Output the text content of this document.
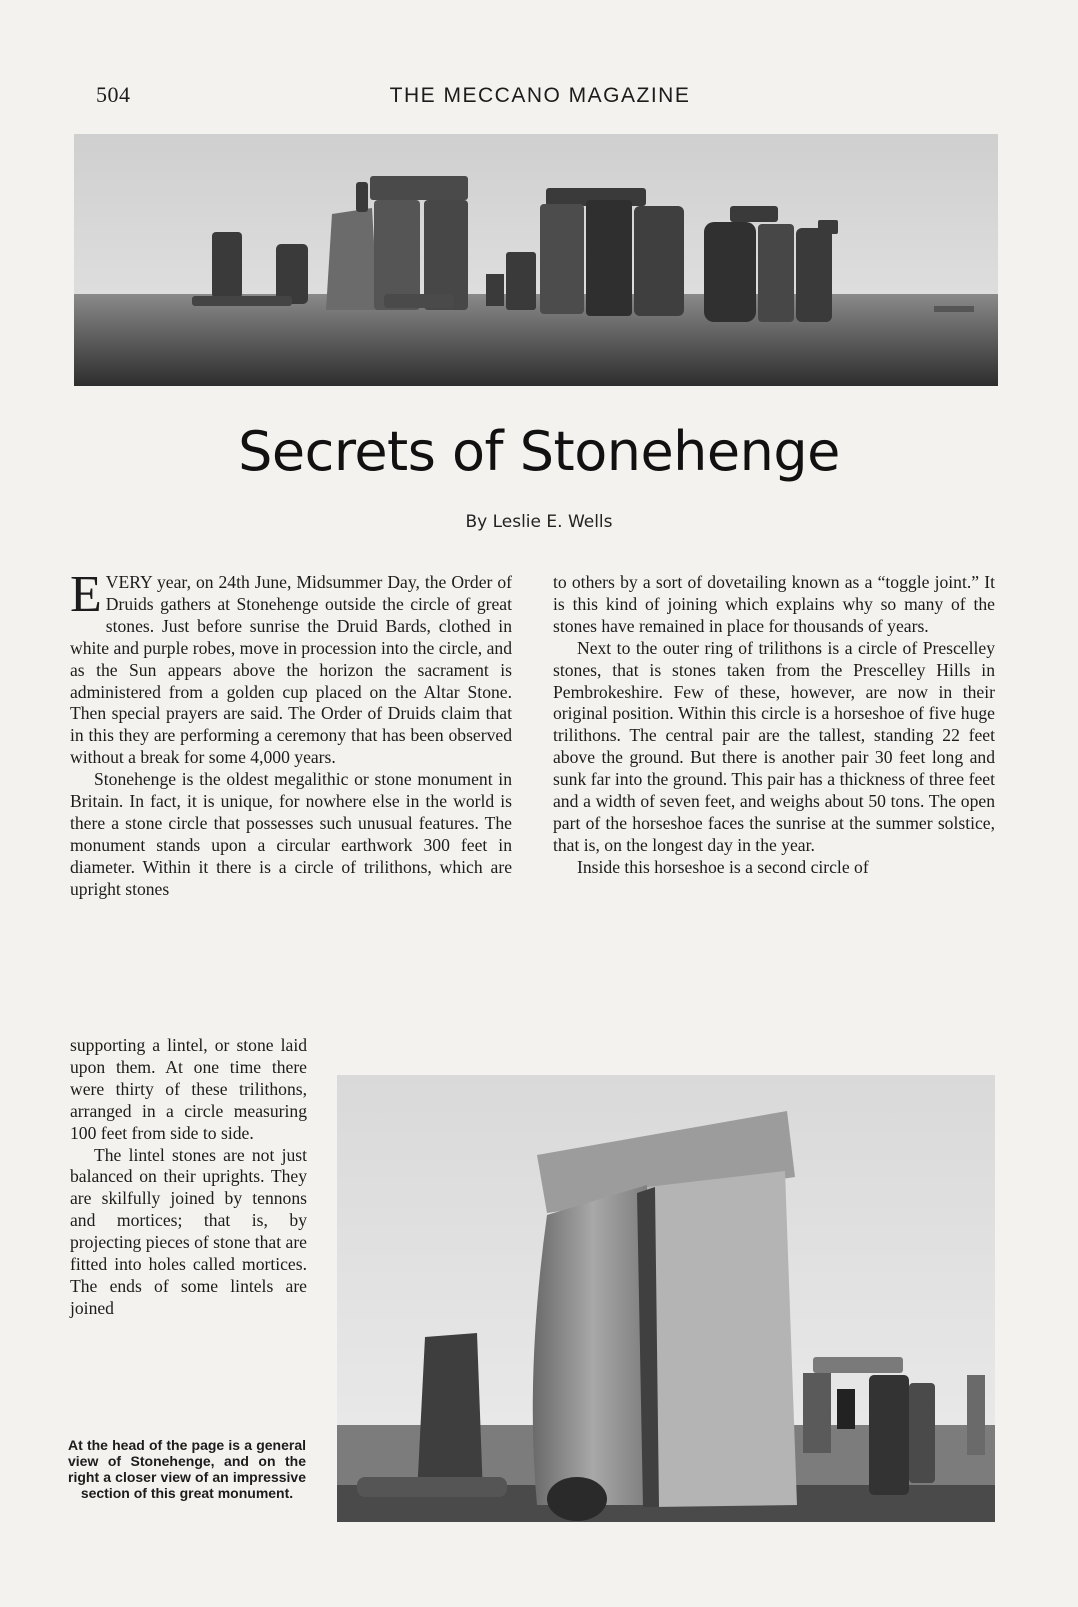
504	THE MECCANO MAGAZINE
Secrets of Stonehenge
By Leslie E. Wells

EVERY year, on 24th June, Midsummer Day, the Order of Druids gathers at Stonehenge outside the circle of great stones. Just before sunrise the Druid Bards, clothed in white and purple robes, move in procession into the circle, and as the Sun appears above the horizon the sacrament is administered from a golden cup placed on the Altar Stone. Then special prayers are said. The Order of Druids claim that in this they are performing a ceremony that has been observed without a break for some 4,000 years.

Stonehenge is the oldest megalithic or stone monument in Britain. In fact, it is unique, for nowhere else in the world is there a stone circle that possesses such unusual features. The monument stands upon a circular earthwork 300 feet in diameter. Within it there is a circle of trilithons, which are upright stones

supporting a lintel, or stone laid upon them. At one time there were thirty of these trilithons, arranged in a circle measuring 100 feet from side to side.

The lintel stones are not just balanced on their uprights. They are skilfully joined by tennons and mortices; that is, by projecting pieces of stone that are fitted into holes called mortices. The ends of some lintels are joined

to others by a sort of dovetailing known as a “toggle joint.” It is this kind of joining which explains why so many of the stones have remained in place for thousands of years.

Next to the outer ring of trilithons is a circle of Prescelley stones, that is stones taken from the Prescelley Hills in Pembrokeshire. Few of these, however, are now in their original position. Within this circle is a horseshoe of five huge trilithons. The central pair are the tallest, standing 22 feet above the ground. But there is another pair 30 feet long and sunk far into the ground. This pair has a thickness of three feet and a width of seven feet, and weighs about 50 tons. The open part of the horseshoe faces the sunrise at the summer solstice, that is, on the longest day in the year.

Inside this horseshoe is a second circle of

At the head of the page is a general view of Stonehenge, and on the right a closer view of an impressive section of this great monument.
